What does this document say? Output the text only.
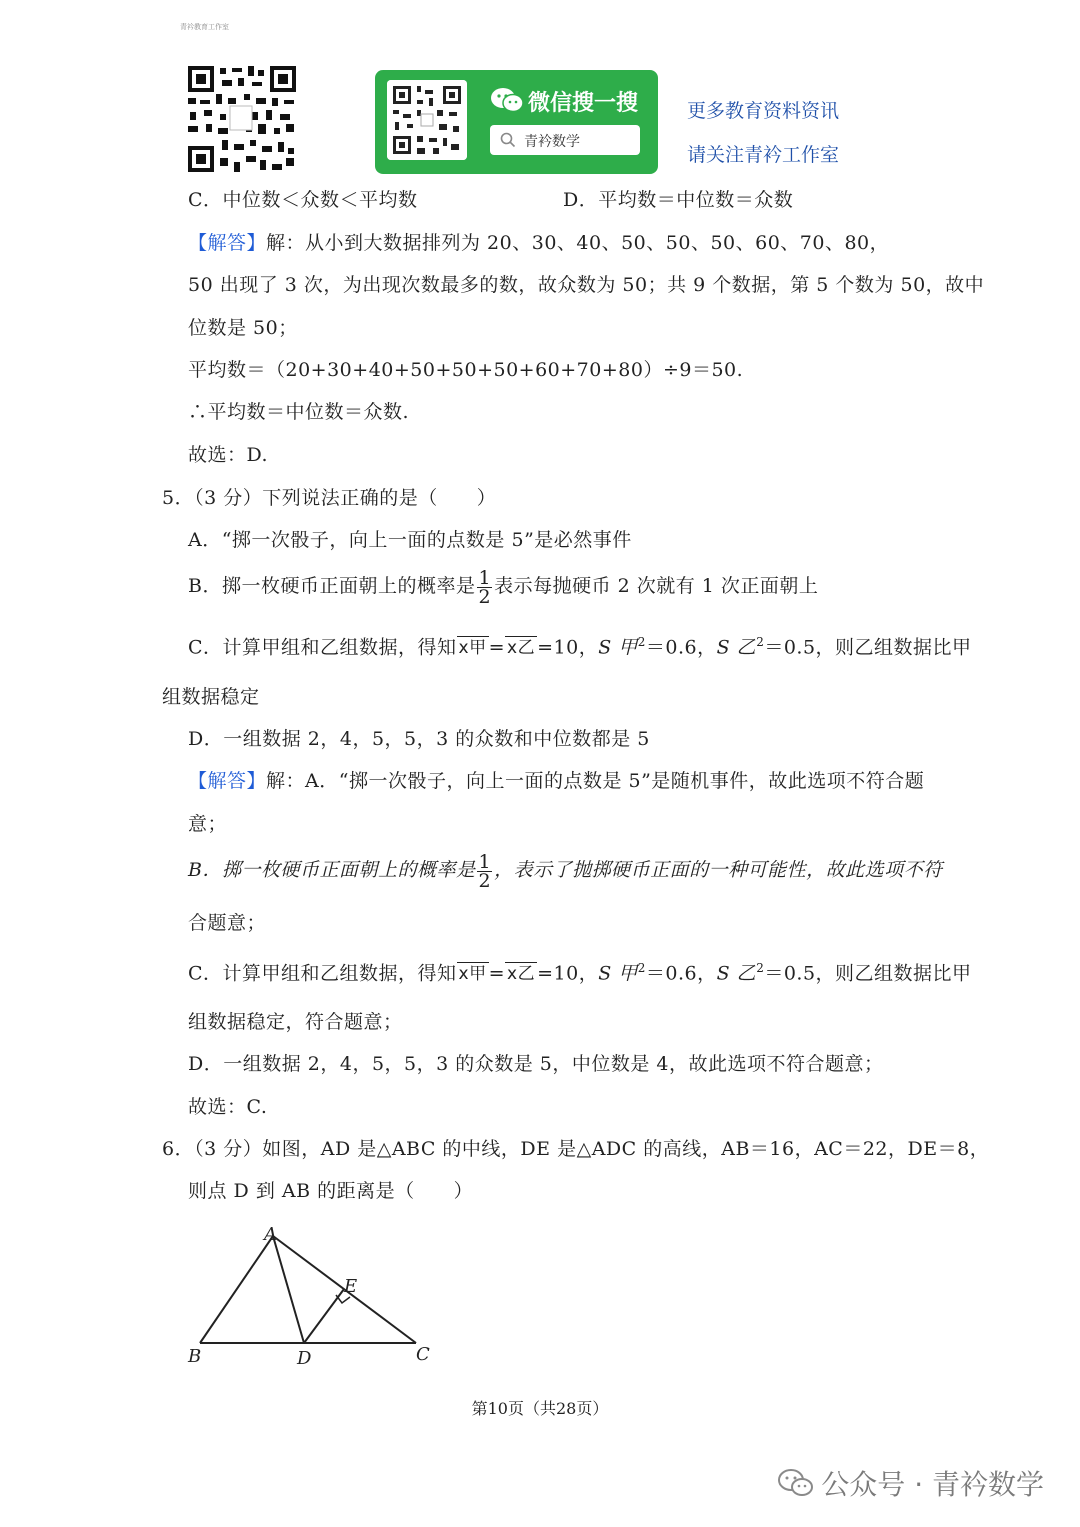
青衿教育工作室
微信搜一搜
青衿数学
更多教育资料资讯
请关注青衿工作室
C．中位数＜众数＜平均数	D．平均数＝中位数＝众数
【解答】解：从小到大数据排列为 20、30、40、50、50、50、60、70、80，
50 出现了 3 次，为出现次数最多的数，故众数为 50；共 9 个数据，第 5 个数为 50，故中
位数是 50；
平均数＝（20+30+40+50+50+50+60+70+80）÷9＝50.
∴平均数＝中位数＝众数.
故选：D.
5．（3 分）下列说法正确的是（　　）
A．“掷一次骰子，向上一面的点数是 5”是必然事件
B．掷一枚硬币正面朝上的概率是 $\frac{1}{2}$ 表示每抛硬币 2 次就有 1 次正面朝上
C．计算甲组和乙组数据，得知 x甲 = x乙 =10，S 甲$^2$＝0.6，S 乙$^2$＝0.5，则乙组数据比甲
组数据稳定
D．一组数据 2，4，5，5，3 的众数和中位数都是 5
【解答】解：A．“掷一次骰子，向上一面的点数是 5”是随机事件，故此选项不符合题
意；
B．掷一枚硬币正面朝上的概率是 $\frac{1}{2}$ ，表示了抛掷硬币正面的一种可能性，故此选项不符
合题意；
C．计算甲组和乙组数据，得知 x甲 = x乙 =10，S 甲$^2$＝0.6，S 乙$^2$＝0.5，则乙组数据比甲
组数据稳定，符合题意；
D．一组数据 2，4，5，5，3 的众数是 5，中位数是 4，故此选项不符合题意；
故选：C.
6．（3 分）如图，AD 是△ABC 的中线，DE 是△ADC 的高线，AB＝16，AC＝22，DE＝8，
则点 D 到 AB 的距离是（　　）
A
B	D	C
E
第10页（共28页）
公众号 · 青衿数学
